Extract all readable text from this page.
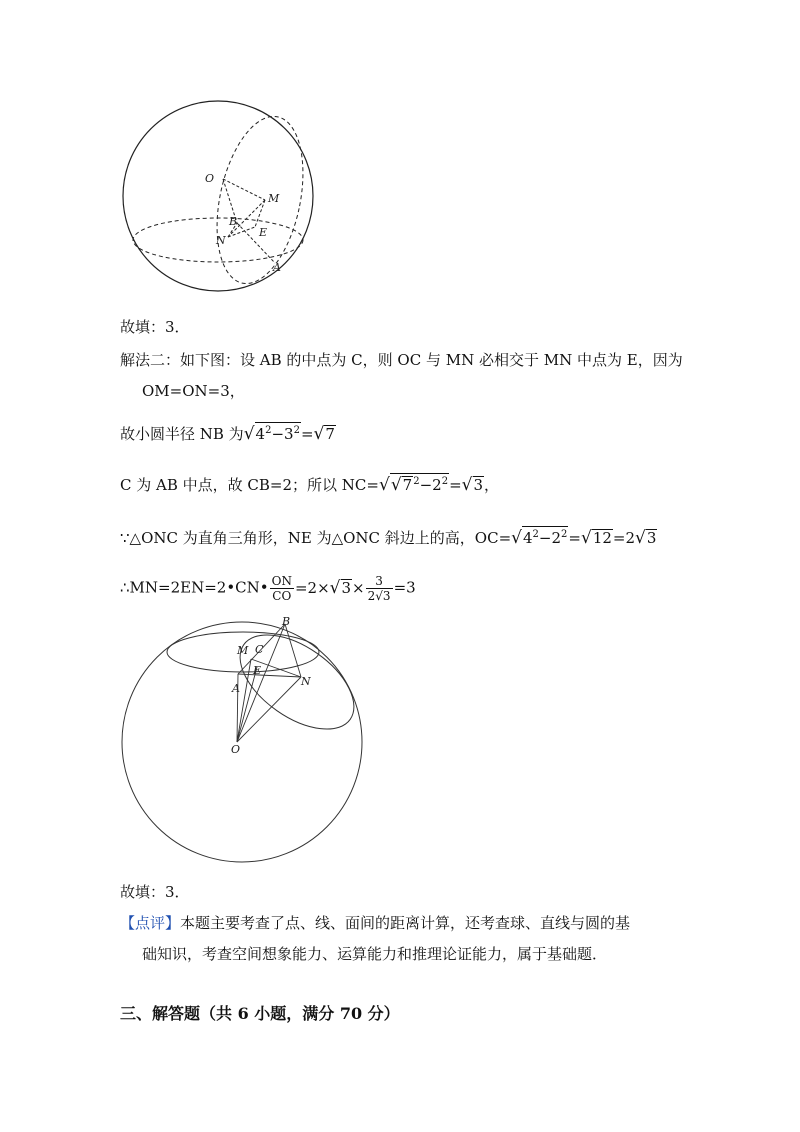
O
M
B
E
N
A
故填：3．
解法二：如下图：设 AB 的中点为 C，则 OC 与 MN 必相交于 MN 中点为 E，因为
OM=ON=3，
故小圆半径 NB 为$√4^2-3^2=√7$
C 为 AB 中点，故 CB=2；所以 $NC=√√7^2-2^2=√3$，
∵△ONC 为直角三角形，NE 为△ONC 斜边上的高，$OC=√4^2-2^2=√12=2√3$
∴MN=2EN=2•CN• $\frac{ON}{CO} =2\times√3\times \frac{3}{2√3} =3$
B
M C
E
A
N
O
故填：3．
【点评】本题主要考查了点、线、面间的距离计算，还考查球、直线与圆的基
础知识，考查空间想象能力、运算能力和推理论证能力，属于基础题．
三、解答题（共 6 小题，满分 70 分）
